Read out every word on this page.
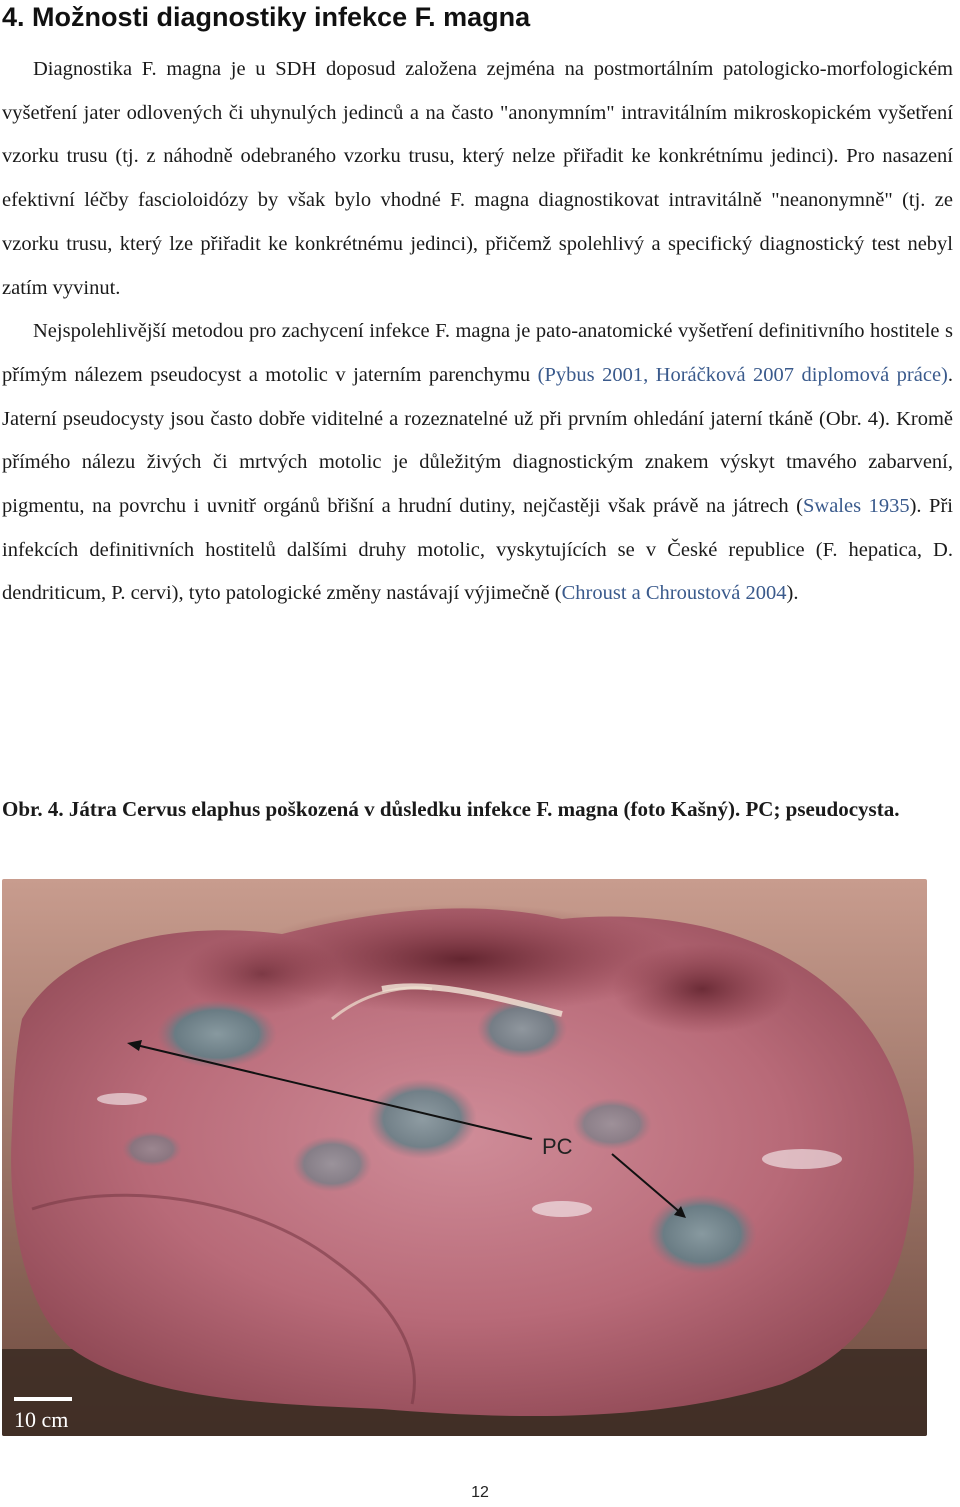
4. Možnosti diagnostiky infekce F. magna

Diagnostika F. magna je u SDH doposud založena zejména na postmortálním patologicko-morfologickém vyšetření jater odlovených či uhynulých jedinců a na často "anonymním" intravitálním mikroskopickém vyšetření vzorku trusu (tj. z náhodně odebraného vzorku trusu, který nelze přiřadit ke konkrétnímu jedinci). Pro nasazení efektivní léčby fascioloidózy by však bylo vhodné F. magna diagnostikovat intravitálně "neanonymně" (tj. ze vzorku trusu, který lze přiřadit ke konkrétnému jedinci), přičemž spolehlivý a specifický diagnostický test nebyl zatím vyvinut.

Nejspolehlivější metodou pro zachycení infekce F. magna je pato-anatomické vyšetření definitivního hostitele s přímým nálezem pseudocyst a motolic v jaterním parenchymu (Pybus 2001, Horáčková 2007 diplomová práce). Jaterní pseudocysty jsou často dobře viditelné a rozeznatelné už při prvním ohledání jaterní tkáně (Obr. 4). Kromě přímého nálezu živých či mrtvých motolic je důležitým diagnostickým znakem výskyt tmavého zabarvení, pigmentu, na povrchu i uvnitř orgánů břišní a hrudní dutiny, nejčastěji však právě na játrech (Swales 1935). Při infekcích definitivních hostitelů dalšími druhy motolic, vyskytujících se v České republice (F. hepatica, D. dendriticum, P. cervi), tyto patologické změny nastávají výjimečně (Chroust a Chroustová 2004).

Obr. 4. Játra Cervus elaphus poškozená v důsledku infekce F. magna (foto Kašný). PC; pseudocysta.
PC
10 cm
12
